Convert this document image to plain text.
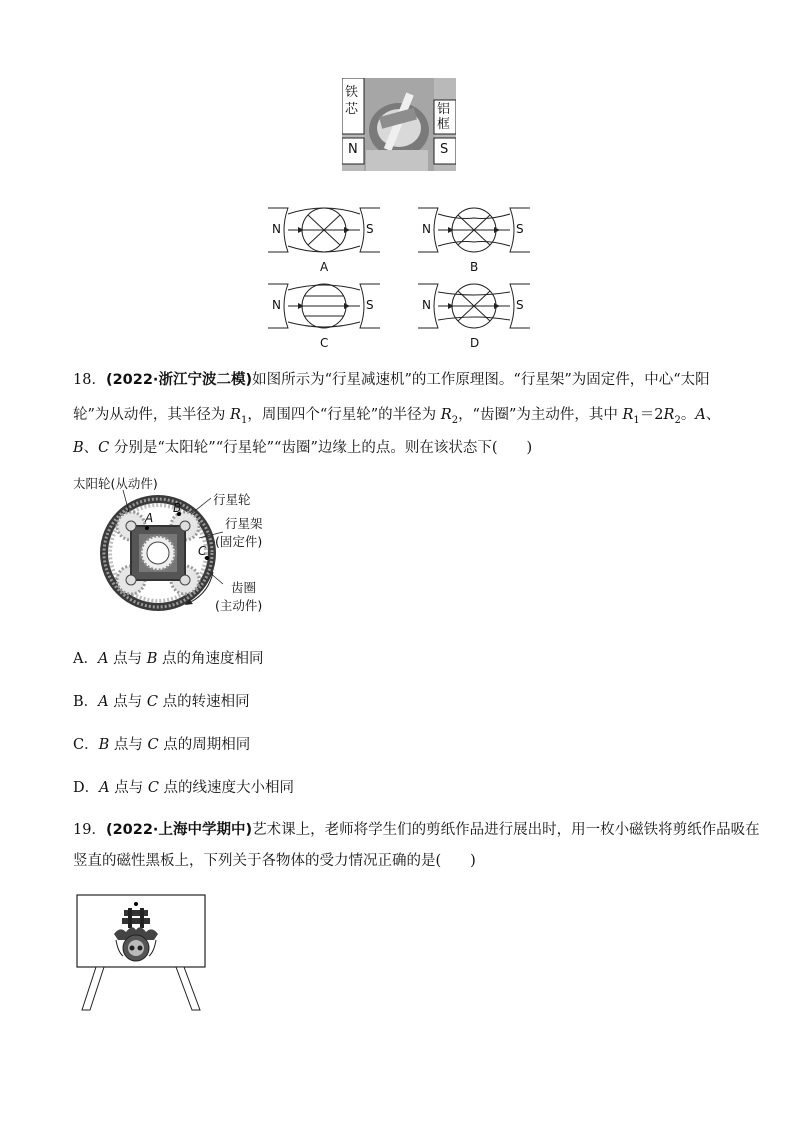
铁芯
N
铝框
S
N	S
A
N	S
B
N	S
C
N	S
D
18．(2022·浙江宁波二模)如图所示为“行星减速机”的工作原理图。“行星架”为固定件，中心“太阳
轮”为从动件，其半径为 $R_1$，周围四个“行星轮”的半径为 $R_2$，“齿圈”为主动件，其中 $R_1=2R_2$。A、
B、C 分别是“太阳轮”“行星轮”“齿圈”边缘上的点。则在该状态下(　　)
太阳轮(从动件)
行星轮
行星架
(固定件)
齿圈
(主动件)
A
B
C
A．A 点与 B 点的角速度相同
B．A 点与 C 点的转速相同
C．B 点与 C 点的周期相同
D．A 点与 C 点的线速度大小相同
19．(2022·上海中学期中)艺术课上，老师将学生们的剪纸作品进行展出时，用一枚小磁铁将剪纸作品吸在
竖直的磁性黑板上，下列关于各物体的受力情况正确的是(　　)
